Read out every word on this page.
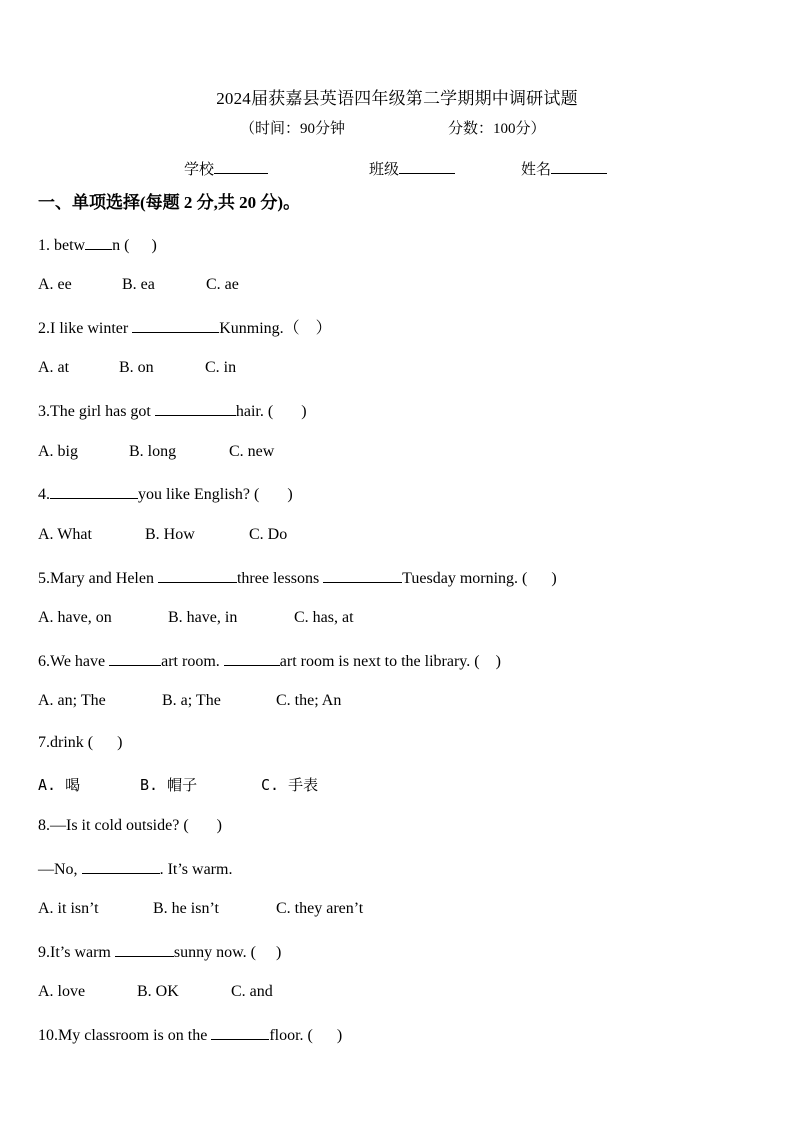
2024届获嘉县英语四年级第二学期期中调研试题
（时间：90分钟	分数：100分）
学校	班级	姓名
一、单项选择(每题 2 分,共 20 分)。
1. betw n ( )
A. ee	B. ea	C. ae
2.I like winter	Kunming.（ ）
A. at	B. on	C. in
3.The girl has got	hair. ( )
A. big	B. long	C. new
4.	you like English? ( )
A. What	B. How	C. Do
5.Mary and Helen	three lessons	Tuesday morning. ( )
A. have, on	B. have, in	C. has, at
6.We have	art room.	art room is next to the library. ( )
A. an; The	B. a; The	C. the; An
7.drink ( )
A. 喝	B. 帽子	C. 手表
8.—Is it cold outside? ( )
—No,	. It’s warm.
A. it isn’t	B. he isn’t	C. they aren’t
9.It’s warm	sunny now. ( )
A. love	B. OK	C. and
10.My classroom is on the	floor. ( )
